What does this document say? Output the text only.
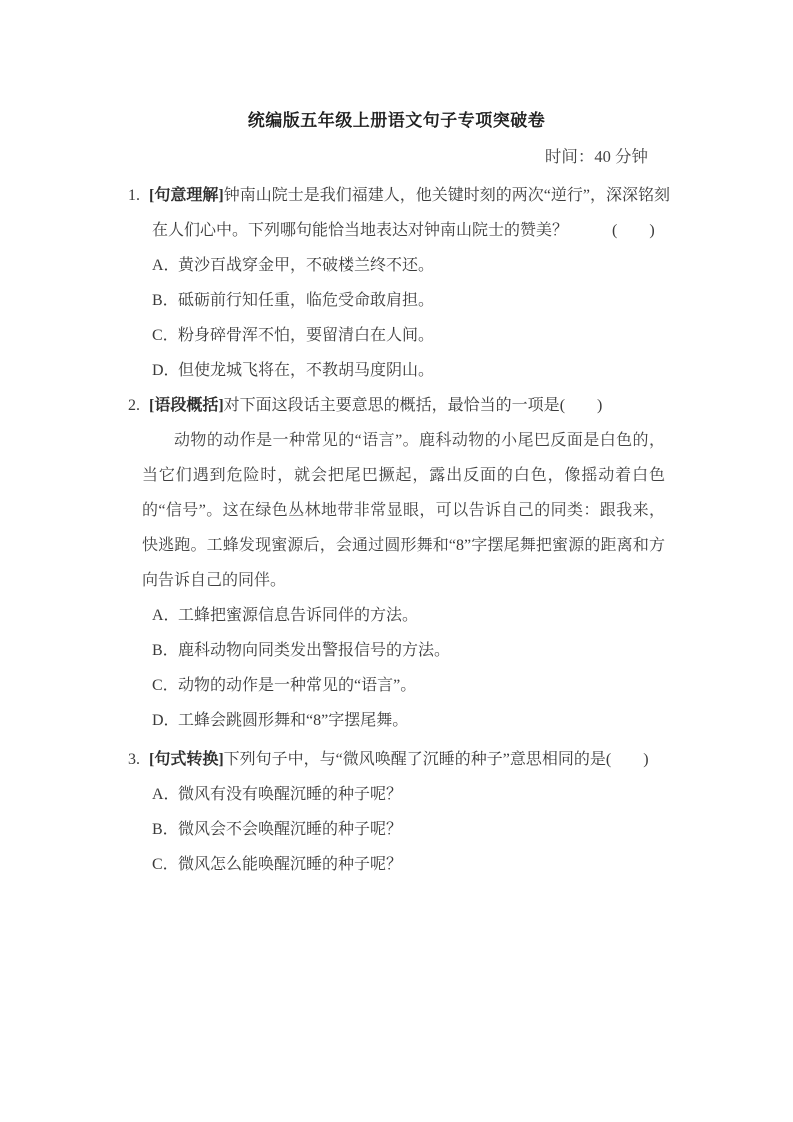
统编版五年级上册语文句子专项突破卷
时间：40 分钟

1. [句意理解]钟南山院士是我们福建人，他关键时刻的两次“逆行”，深深铭刻在人们心中。下列哪句能恰当地表达对钟南山院士的赞美？	(　　)

A．黄沙百战穿金甲，不破楼兰终不还。
B．砥砺前行知任重，临危受命敢肩担。
C．粉身碎骨浑不怕，要留清白在人间。
D．但使龙城飞将在，不教胡马度阴山。

2. [语段概括]对下面这段话主要意思的概括，最恰当的一项是(　　)

动物的动作是一种常见的“语言”。鹿科动物的小尾巴反面是白色的，当它们遇到危险时，就会把尾巴撅起，露出反面的白色，像摇动着白色的“信号”。这在绿色丛林地带非常显眼，可以告诉自己的同类：跟我来，快逃跑。工蜂发现蜜源后，会通过圆形舞和“8”字摆尾舞把蜜源的距离和方向告诉自己的同伴。

A．工蜂把蜜源信息告诉同伴的方法。
B．鹿科动物向同类发出警报信号的方法。
C．动物的动作是一种常见的“语言”。
D．工蜂会跳圆形舞和“8”字摆尾舞。

3. [句式转换]下列句子中，与“微风唤醒了沉睡的种子”意思相同的是(　　)

A．微风有没有唤醒沉睡的种子呢？
B．微风会不会唤醒沉睡的种子呢？
C．微风怎么能唤醒沉睡的种子呢？
